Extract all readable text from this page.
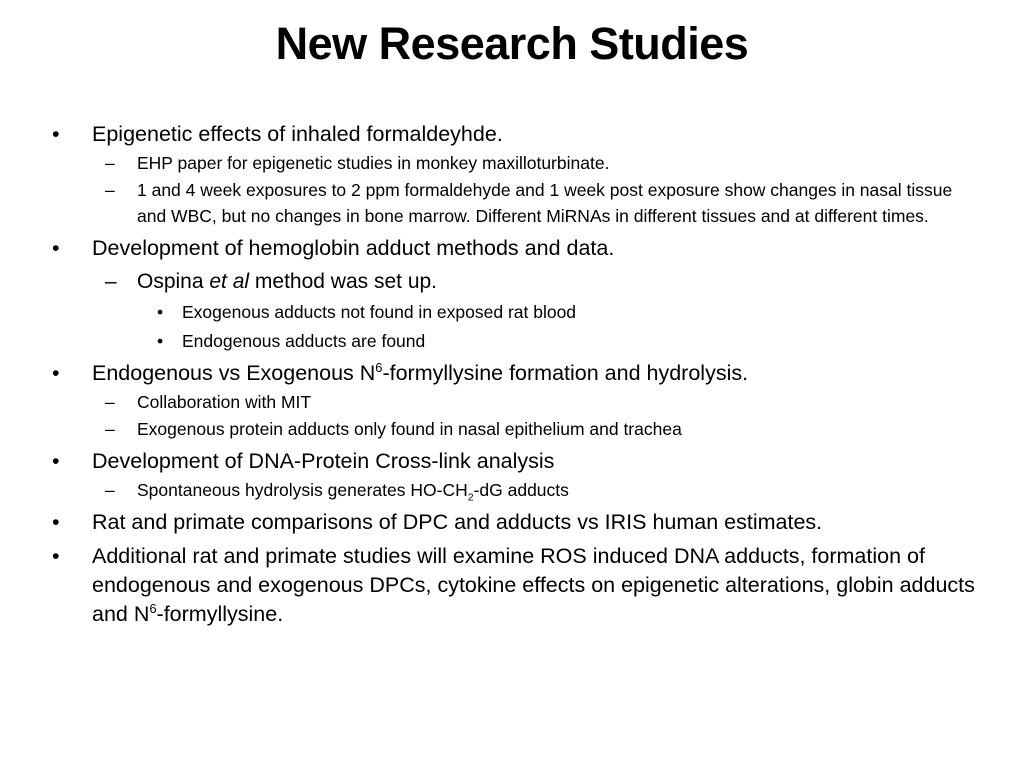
New Research Studies
• Epigenetic effects of inhaled formaldeyhde.
– EHP paper for epigenetic studies in monkey maxilloturbinate.
– 1 and 4 week exposures to 2 ppm formaldehyde and 1 week post exposure show changes in nasal tissue and WBC, but no changes in bone marrow. Different MiRNAs in different tissues and at different times.
• Development of hemoglobin adduct methods and data.
– Ospina et al method was set up.
• Exogenous adducts not found in exposed rat blood
• Endogenous adducts are found
• Endogenous vs Exogenous $N^6$-formyllysine formation and hydrolysis.
– Collaboration with MIT
– Exogenous protein adducts only found in nasal epithelium and trachea
• Development of DNA-Protein Cross-link analysis
– Spontaneous hydrolysis generates $HO-CH_2-dG$ adducts
• Rat and primate comparisons of DPC and adducts vs IRIS human estimates.
• Additional rat and primate studies will examine ROS induced DNA adducts, formation of endogenous and exogenous DPCs, cytokine effects on epigenetic alterations, globin adducts and $N^6$-formyllysine.
